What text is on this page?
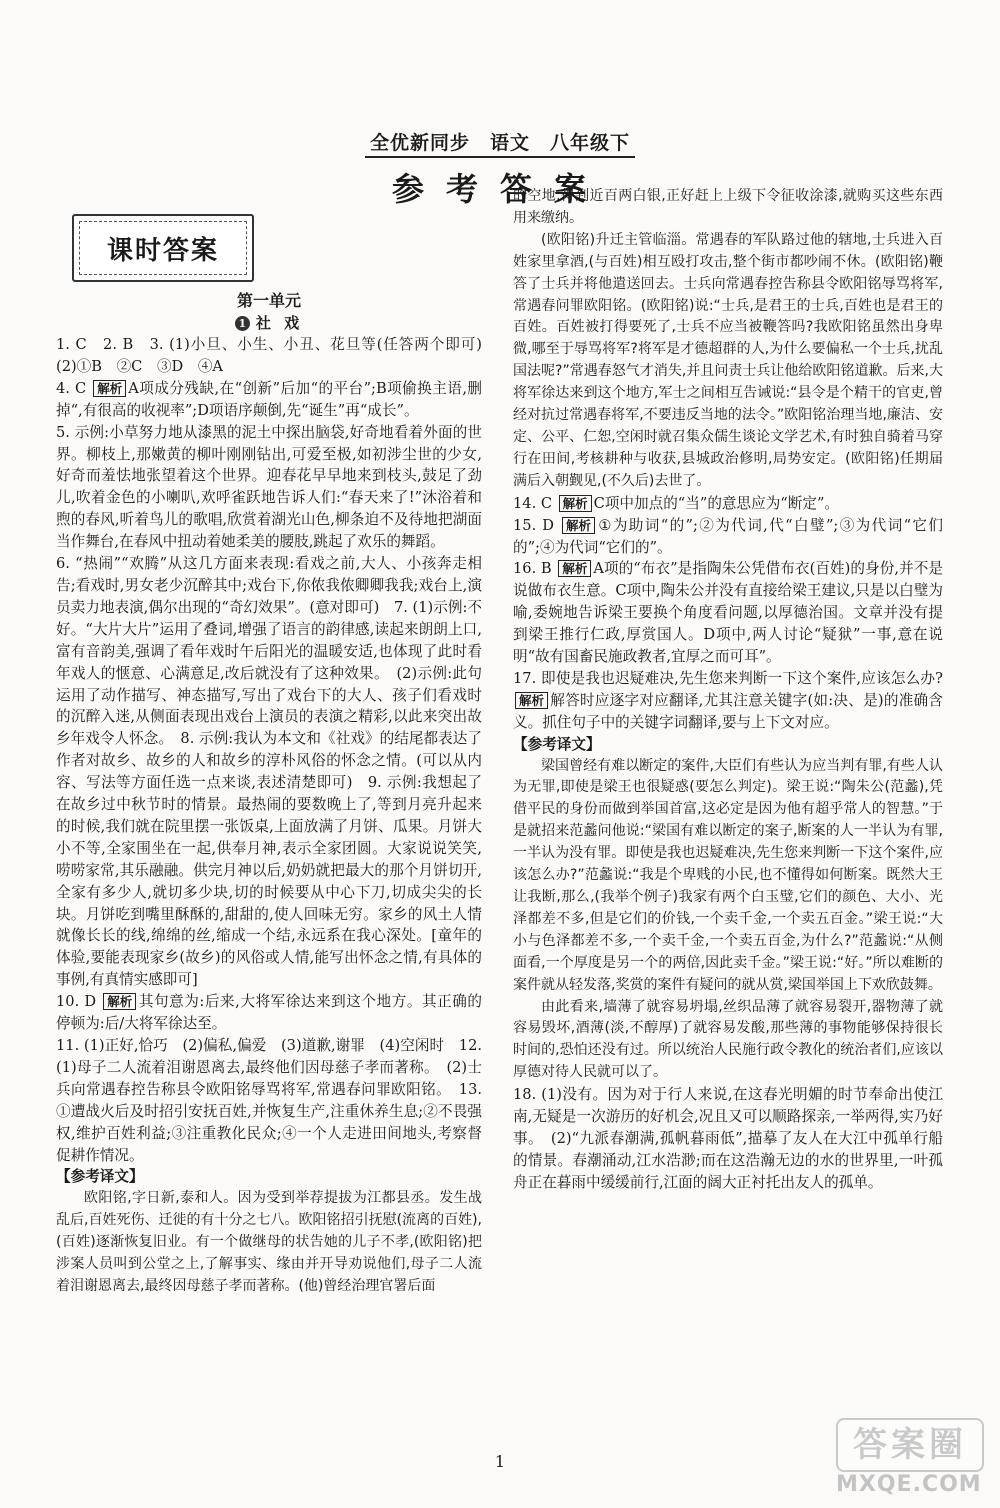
全优新同步　语文　八年级下
参考答案
课时答案

第一单元

1 社 戏

1. C　2. B　3. (1)小旦、小生、小丑、花旦等(任答两个即可)　(2)①B　②C　③D　④A

4. C 解析 A项成分残缺,在“创新”后加“的平台”;B项偷换主语,删掉“,有很高的收视率”;D项语序颠倒,先“诞生”再“成长”。

5. 示例:小草努力地从漆黑的泥土中探出脑袋,好奇地看着外面的世界。柳枝上,那嫩黄的柳叶刚刚钻出,可爱至极,如初涉尘世的少女,好奇而羞怯地张望着这个世界。迎春花早早地来到枝头,鼓足了劲儿,吹着金色的小喇叭,欢呼雀跃地告诉人们:“春天来了!”沐浴着和煦的春风,听着鸟儿的歌唱,欣赏着湖光山色,柳条迫不及待地把湖面当作舞台,在春风中扭动着她柔美的腰肢,跳起了欢乐的舞蹈。

6. “热闹”“欢腾”从这几方面来表现:看戏之前,大人、小孩奔走相告;看戏时,男女老少沉醉其中;戏台下,你侬我侬卿卿我我;戏台上,演员卖力地表演,偶尔出现的“奇幻效果”。(意对即可)　7. (1)示例:不好。“大片大片”运用了叠词,增强了语言的韵律感,读起来朗朗上口,富有音韵美,强调了看年戏时午后阳光的温暖安适,也体现了此时看年戏人的惬意、心满意足,改后就没有了这种效果。　(2)示例:此句运用了动作描写、神态描写,写出了戏台下的大人、孩子们看戏时的沉醉入迷,从侧面表现出戏台上演员的表演之精彩,以此来突出故乡年戏令人怀念。　8. 示例:我认为本文和《社戏》的结尾都表达了作者对故乡、故乡的人和故乡的淳朴风俗的怀念之情。(可以从内容、写法等方面任选一点来谈,表述清楚即可)　9. 示例:我想起了在故乡过中秋节时的情景。最热闹的要数晚上了,等到月亮升起来的时候,我们就在院里摆一张饭桌,上面放满了月饼、瓜果。月饼大小不等,全家围坐在一起,供奉月神,表示全家团圆。大家说说笑笑,唠唠家常,其乐融融。供完月神以后,奶奶就把最大的那个月饼切开,全家有多少人,就切多少块,切的时候要从中心下刀,切成尖尖的长块。月饼吃到嘴里酥酥的,甜甜的,使人回味无穷。家乡的风土人情就像长长的线,绵绵的丝,缩成一个结,永远系在我心深处。[童年的体验,要能表现家乡(故乡)的风俗或人情,能写出怀念之情,有具体的事例,有真情实感即可]

10. D 解析 其句意为:后来,大将军徐达来到这个地方。其正确的停顿为:后/大将军徐达至。

11. (1)正好,恰巧　(2)偏私,偏爱　(3)道歉,谢罪　(4)空闲时　12. (1)母子二人流着泪谢恩离去,最终他们因母慈子孝而著称。　(2)士兵向常遇春控告称县令欧阳铭辱骂将军,常遇春问罪欧阳铭。　13. ①遭战火后及时招引安抚百姓,并恢复生产,注重休养生息;②不畏强权,维护百姓利益;③注重教化民众;④一个人走进田间地头,考察督促耕作情况。

【参考译文】

欧阳铭,字日新,泰和人。因为受到举荐提拔为江都县丞。发生战乱后,百姓死伤、迁徙的有十分之七八。欧阳铭招引抚慰(流离的百姓),(百姓)逐渐恢复旧业。有一个做继母的状告她的儿子不孝,(欧阳铭)把涉案人员叫到公堂之上,了解事实、缘由并开导劝说他们,母子二人流着泪谢恩离去,最终因母慈子孝而著称。(他)曾经治理官署后面

的空地,得到近百两白银,正好赶上上级下令征收涂漆,就购买这些东西用来缴纳。

(欧阳铭)升迁主管临淄。常遇春的军队路过他的辖地,士兵进入百姓家里拿酒,(与百姓)相互殴打攻击,整个街市都吵闹不休。(欧阳铭)鞭答了士兵并将他遣送回去。士兵向常遇春控告称县令欧阳铭辱骂将军,常遇春问罪欧阳铭。(欧阳铭)说:“士兵,是君王的士兵,百姓也是君王的百姓。百姓被打得要死了,士兵不应当被鞭答吗?我欧阳铭虽然出身卑微,哪至于辱骂将军?将军是才德超群的人,为什么要偏私一个士兵,扰乱国法呢?”常遇春怒气才消失,并且问责士兵让他给欧阳铭道歉。后来,大将军徐达来到这个地方,军士之间相互告诫说:“县令是个精干的官吏,曾经对抗过常遇春将军,不要违反当地的法令。”欧阳铭治理当地,廉洁、安定、公平、仁恕,空闲时就召集众儒生谈论文学艺术,有时独自骑着马穿行在田间,考核耕种与收获,县城政治修明,局势安定。(欧阳铭)任期届满后入朝觐见,(不久后)去世了。

14. C 解析 C项中加点的“当”的意思应为“断定”。

15. D 解析 ①为助词“的”;②为代词,代“白璧”;③为代词“它们的”;④为代词“它们的”。

16. B 解析 A项的“布衣”是指陶朱公凭借布衣(百姓)的身份,并不是说做布衣生意。C项中,陶朱公并没有直接给梁王建议,只是以白璧为喻,委婉地告诉梁王要换个角度看问题,以厚德治国。文章并没有提到梁王推行仁政,厚赏国人。D项中,两人讨论“疑狱”一事,意在说明“故有国畜民施政教者,宜厚之而可耳”。

17. 即使是我也迟疑难决,先生您来判断一下这个案件,应该怎么办? 解析 解答时应逐字对应翻译,尤其注意关键字(如:决、是)的准确含义。抓住句子中的关键字词翻译,要与上下文对应。

【参考译文】

梁国曾经有难以断定的案件,大臣们有些认为应当判有罪,有些人认为无罪,即使是梁王也很疑惑(要怎么判定)。梁王说:“陶朱公(范蠡),凭借平民的身份而做到举国首富,这必定是因为他有超乎常人的智慧。”于是就招来范蠡问他说:“梁国有难以断定的案子,断案的人一半认为有罪,一半认为没有罪。即使是我也迟疑难决,先生您来判断一下这个案件,应该怎么办?”范蠡说:“我是个卑贱的小民,也不懂得如何断案。既然大王让我断,那么,(我举个例子)我家有两个白玉璧,它们的颜色、大小、光泽都差不多,但是它们的价钱,一个卖千金,一个卖五百金。”梁王说:“大小与色泽都差不多,一个卖千金,一个卖五百金,为什么?”范蠡说:“从侧面看,一个厚度是另一个的两倍,因此卖千金。”梁王说:“好。”所以难断的案件就从轻发落,奖赏的案件有疑问的就从赏,梁国举国上下欢欣鼓舞。

由此看来,墙薄了就容易坍塌,丝织品薄了就容易裂开,器物薄了就容易毁坏,酒薄(淡,不醇厚)了就容易发酸,那些薄的事物能够保持很长时间的,恐怕还没有过。所以统治人民施行政令教化的统治者们,应该以厚德对待人民就可以了。

18. (1)没有。因为对于行人来说,在这春光明媚的时节奉命出使江南,无疑是一次游历的好机会,况且又可以顺路探亲,一举两得,实乃好事。　(2)“九派春潮满,孤帆暮雨低”,描摹了友人在大江中孤单行船的情景。春潮涌动,江水浩渺;而在这浩瀚无边的水的世界里,一叶孤舟正在暮雨中缓缓前行,江面的阔大正衬托出友人的孤单。

1	答案圈
MXQE.COM
